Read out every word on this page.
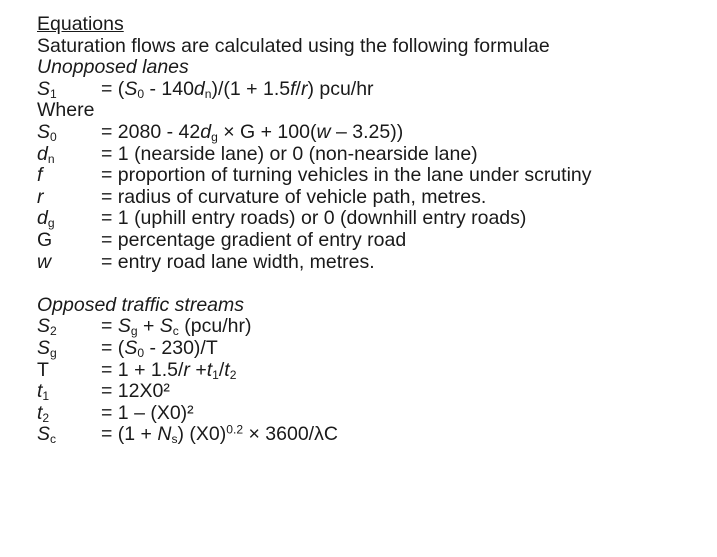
Equations
Saturation flows are calculated using the following formulae
Unopposed lanes
$S_1$	= $(S_0 - 140d_n)/(1 + 1.5f/r)$ pcu/hr
Where
$S_0$	= $2080 - 42d_g \times G + 100(w - 3.25)$)
$d_n$	= 1 (nearside lane) or 0 (non-nearside lane)
f	= proportion of turning vehicles in the lane under scrutiny
r	= radius of curvature of vehicle path, metres.
$d_g$	= 1 (uphill entry roads) or 0 (downhill entry roads)
G	= percentage gradient of entry road
w	= entry road lane width, metres.
Opposed traffic streams
$S_2$	= $S_g + S_c$ (pcu/hr)
$S_g$	= $(S_0 - 230)/T$
T	= $1 + 1.5/r +t_1/t_2$
$t_1$	= 12X0²
$t_2$	= 1 – (X0)²
$S_c$	= $(1 + N_s)$ $(X0)^{0.2} \times 3600/\lambda C$
